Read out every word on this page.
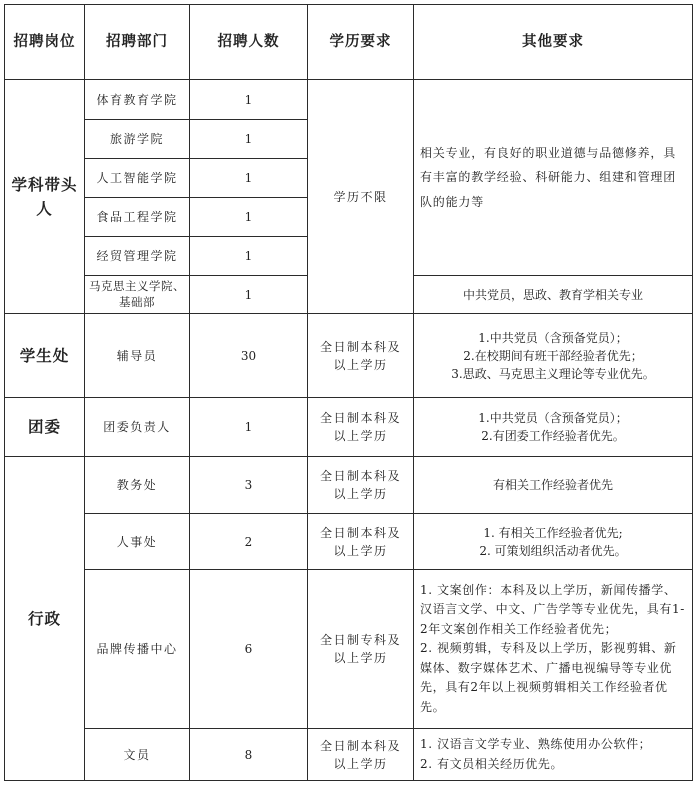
招聘岗位	招聘部门	招聘人数	学历要求	其他要求
学科带头人	体育教育学院	1	学历不限	相关专业，有良好的职业道德与品德修养，具有丰富的教学经验、科研能力、组建和管理团队的能力等
	旅游学院	1		
	人工智能学院	1		
	食品工程学院	1		
	经贸管理学院	1		
	马克思主义学院、基础部	1		中共党员，思政、教育学相关专业
学生处	辅导员	30	全日制本科及以上学历	1.中共党员（含预备党员）；
2.在校期间有班干部经验者优先；
3.思政、马克思主义理论等专业优先。

团委	团委负责人	1	全日制本科及以上学历	1.中共党员（含预备党员）；
2.有团委工作经验者优先。

行政	教务处	3	全日制本科及以上学历	有相关工作经验者优先
	人事处	2	全日制本科及以上学历	1. 有相关工作经验者优先;
2. 可策划组织活动者优先。

	品牌传播中心	6	全日制专科及以上学历	1. 文案创作：本科及以上学历，新闻传播学、汉语言文学、中文、广告学等专业优先，具有1-2年文案创作相关工作经验者优先；
2. 视频剪辑，专科及以上学历，影视剪辑、新媒体、数字媒体艺术、广播电视编导等专业优先，具有2年以上视频剪辑相关工作经验者优先。

	文员	8	全日制本科及以上学历	1. 汉语言文学专业、熟练使用办公软件；
2. 有文员相关经历优先。
